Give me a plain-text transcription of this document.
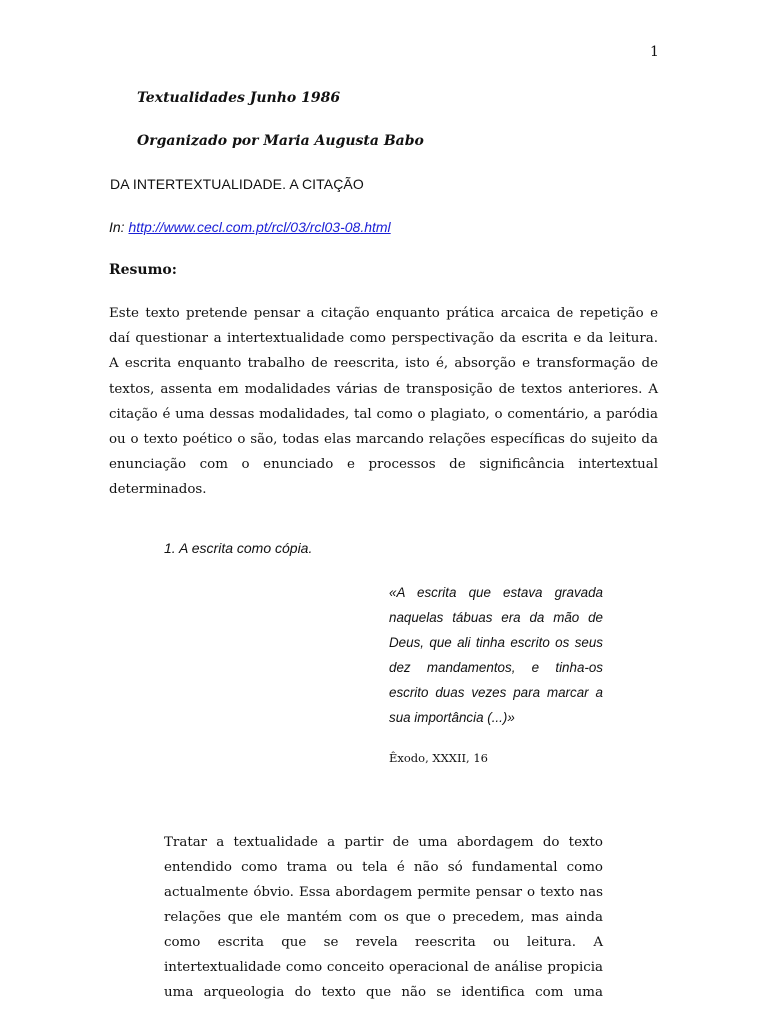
1
Textualidades Junho 1986
Organizado por Maria Augusta Babo
DA INTERTEXTUALIDADE. A CITAÇÃO
In: http://www.cecl.com.pt/rcl/03/rcl03-08.html
Resumo:
Este texto pretende pensar a citação enquanto prática arcaica de repetição e daí questionar a intertextualidade como perspectivação da escrita e da leitura. A escrita enquanto trabalho de reescrita, isto é, absorção e transformação de textos, assenta em modalidades várias de transposição de textos anteriores. A citação é uma dessas modalidades, tal como o plagiato, o comentário, a paródia ou o texto poético o são, todas elas marcando relações específicas do sujeito da enunciação com o enunciado e processos de significância intertextual determinados.
1. A escrita como cópia.
«A escrita que estava gravada naquelas tábuas era da mão de Deus, que ali tinha escrito os seus dez mandamentos, e tinha-os escrito duas vezes para marcar a sua importância (...)»
Êxodo, XXXII, 16
Tratar a textualidade a partir de uma abordagem do texto entendido como trama ou tela é não só fundamental como actualmente óbvio. Essa abordagem permite pensar o texto nas relações que ele mantém com os que o precedem, mas ainda como escrita que se revela reescrita ou leitura. A intertextualidade como conceito operacional de análise propicia uma arqueologia do texto que não se identifica com uma
